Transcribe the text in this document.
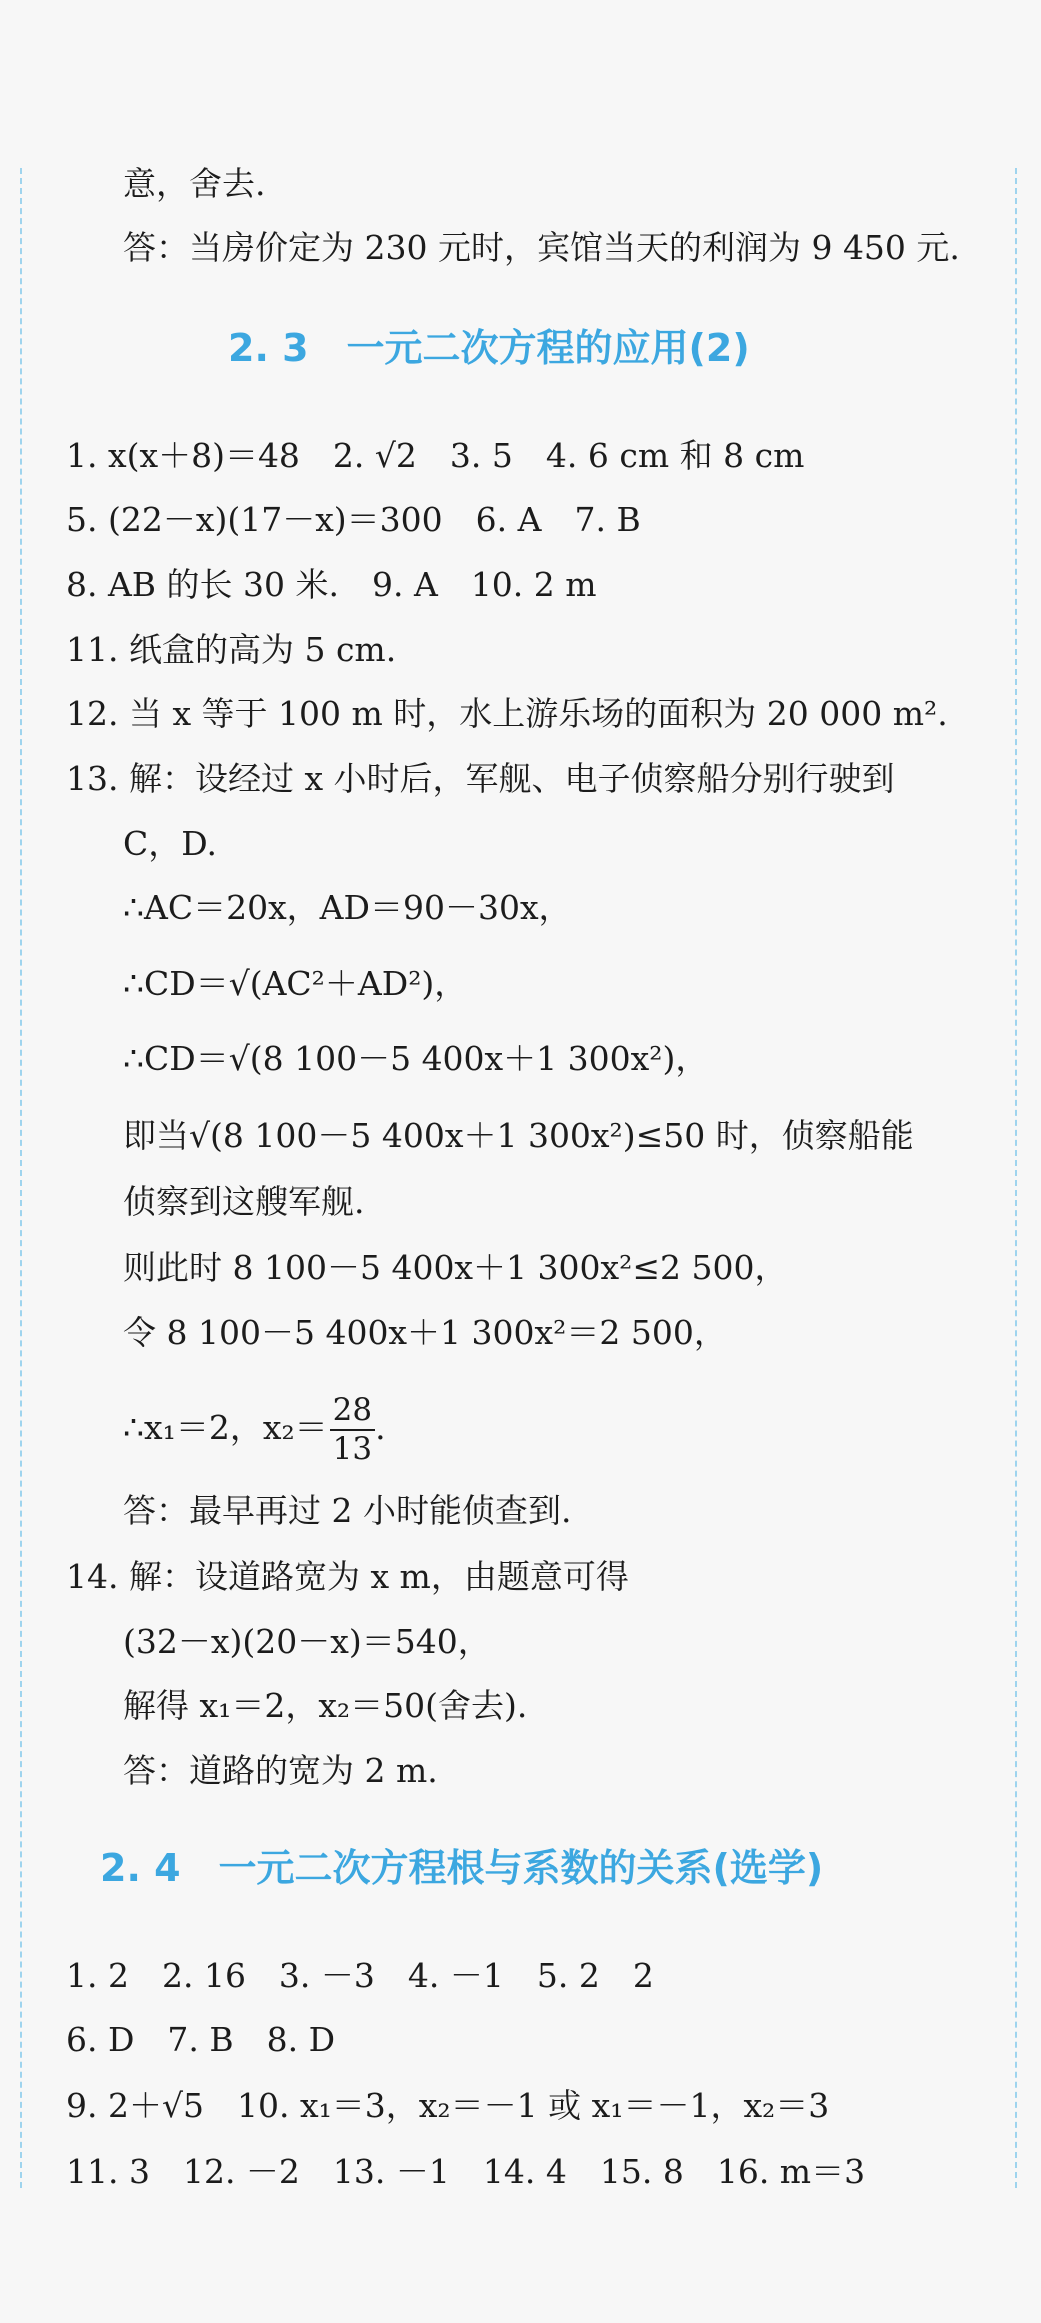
意，舍去.
答：当房价定为 230 元时，宾馆当天的利润为 9 450 元.
2. 3　一元二次方程的应用(2)
1. x(x＋8)＝48　2. √2　3. 5　4. 6 cm 和 8 cm
5. (22－x)(17－x)＝300　6. A　7. B
8. AB 的长 30 米.　9. A　10. 2 m
11. 纸盒的高为 5 cm.
12. 当 x 等于 100 m 时，水上游乐场的面积为 20 000 m².
13. 解：设经过 x 小时后，军舰、电子侦察船分别行驶到
C，D.
∴AC＝20x，AD＝90－30x，
∴CD＝√(AC²＋AD²)，
∴CD＝√(8 100－5 400x＋1 300x²)，
即当√(8 100－5 400x＋1 300x²)≤50 时，侦察船能
侦察到这艘军舰.
则此时 8 100－5 400x＋1 300x²≤2 500，
令 8 100－5 400x＋1 300x²＝2 500，
∴x₁＝2，$x_2= \frac{28}{13}$ .
答：最早再过 2 小时能侦查到.
14. 解：设道路宽为 x m，由题意可得
(32－x)(20－x)＝540，
解得 x₁＝2，x₂＝50(舍去).
答：道路的宽为 2 m.
2. 4　一元二次方程根与系数的关系(选学)
1. 2　2. 16　3. －3　4. －1　5. 2　2
6. D　7. B　8. D
9. 2＋√5　10. x₁＝3，x₂＝－1 或 x₁＝－1，x₂＝3
11. 3　12. －2　13. －1　14. 4　15. 8　16. m＝3
